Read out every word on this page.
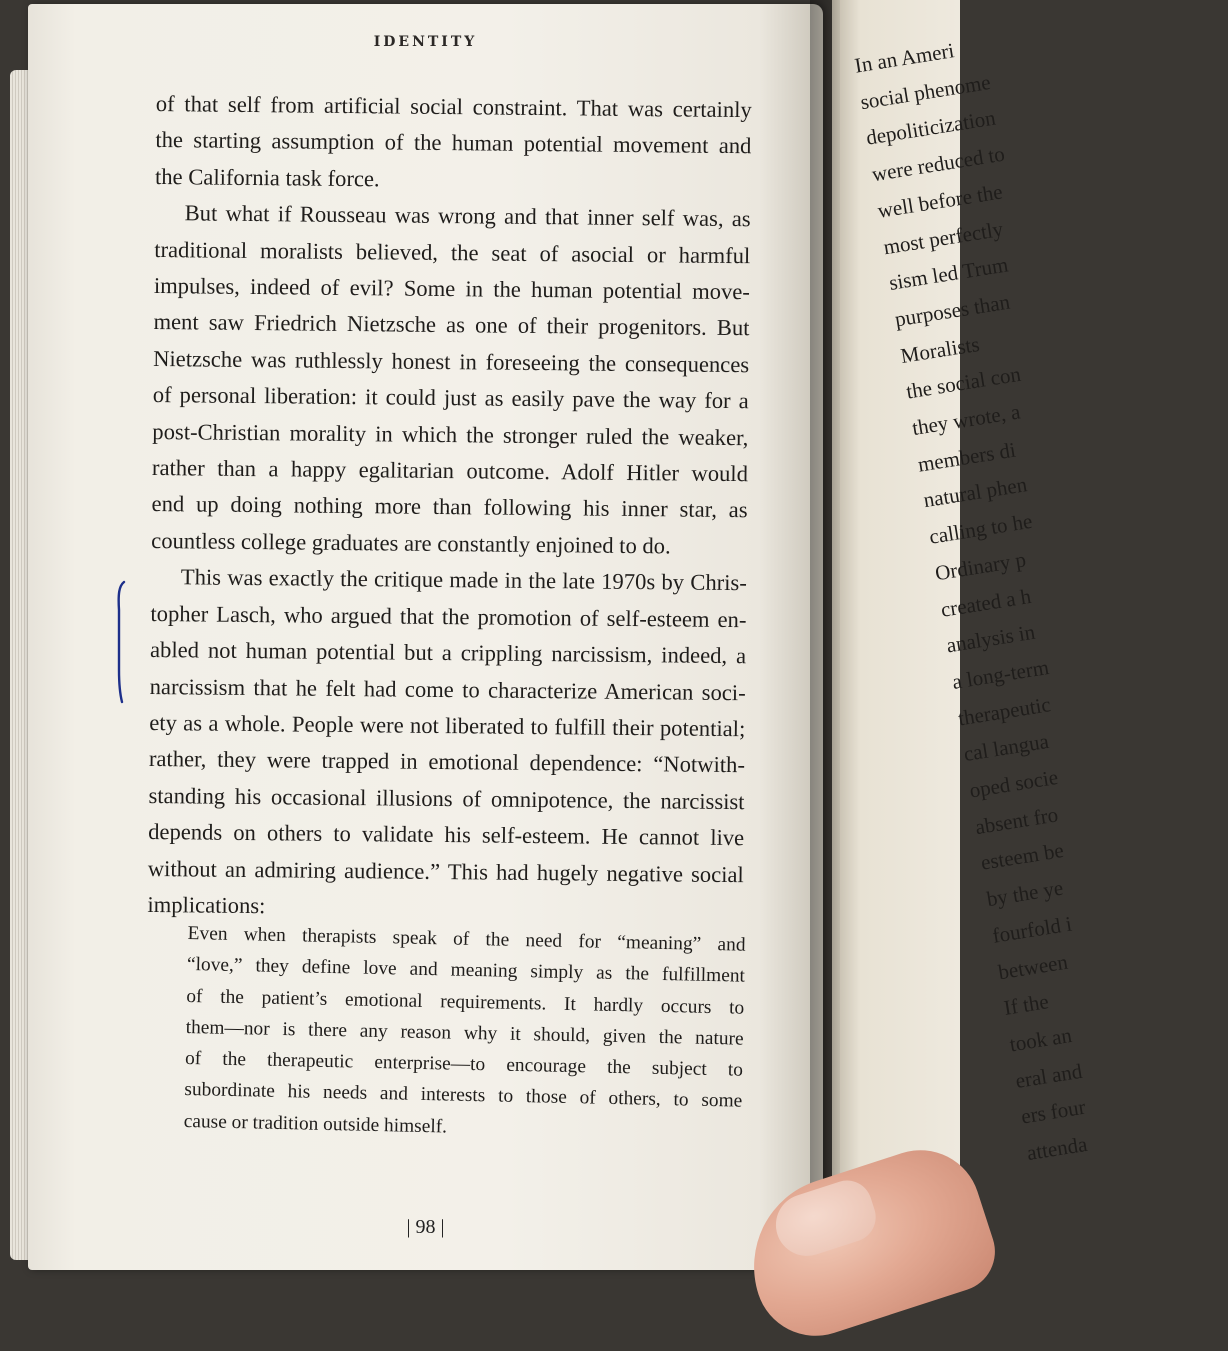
IDENTITY
of that self from artificial social constraint. That was certainly
the starting assumption of the human potential movement and
the California task force.
But what if Rousseau was wrong and that inner self was, as
traditional moralists believed, the seat of asocial or harmful
impulses, indeed of evil? Some in the human potential move-
ment saw Friedrich Nietzsche as one of their progenitors. But
Nietzsche was ruthlessly honest in foreseeing the consequences
of personal liberation: it could just as easily pave the way for a
post-Christian morality in which the stronger ruled the weaker,
rather than a happy egalitarian outcome. Adolf Hitler would
end up doing nothing more than following his inner star, as
countless college graduates are constantly enjoined to do.
This was exactly the critique made in the late 1970s by Chris-
topher Lasch, who argued that the promotion of self-esteem en-
abled not human potential but a crippling narcissism, indeed, a
narcissism that he felt had come to characterize American soci-
ety as a whole. People were not liberated to fulfill their potential;
rather, they were trapped in emotional dependence: “Notwith-
standing his occasional illusions of omnipotence, the narcissist
depends on others to validate his self-esteem. He cannot live
without an admiring audience.” This had hugely negative social
implications:
Even when therapists speak of the need for “meaning” and
“love,” they define love and meaning simply as the fulfillment
of the patient’s emotional requirements. It hardly occurs to
them—nor is there any reason why it should, given the nature
of the therapeutic enterprise—to encourage the subject to
subordinate his needs and interests to those of others, to some
cause or tradition outside himself.
| 98 |
In an Ameri
social phenome
depoliticization
were reduced to
well before the
most perfectly
sism led Trum
purposes than
Moralists
the social con
they wrote, a
members di
natural phen
calling to he
Ordinary p
created a h
analysis in
a long-term
therapeutic
cal langua
oped socie
absent fro
esteem be
by the ye
fourfold i
between
If the
took an
eral and
ers four
attenda
